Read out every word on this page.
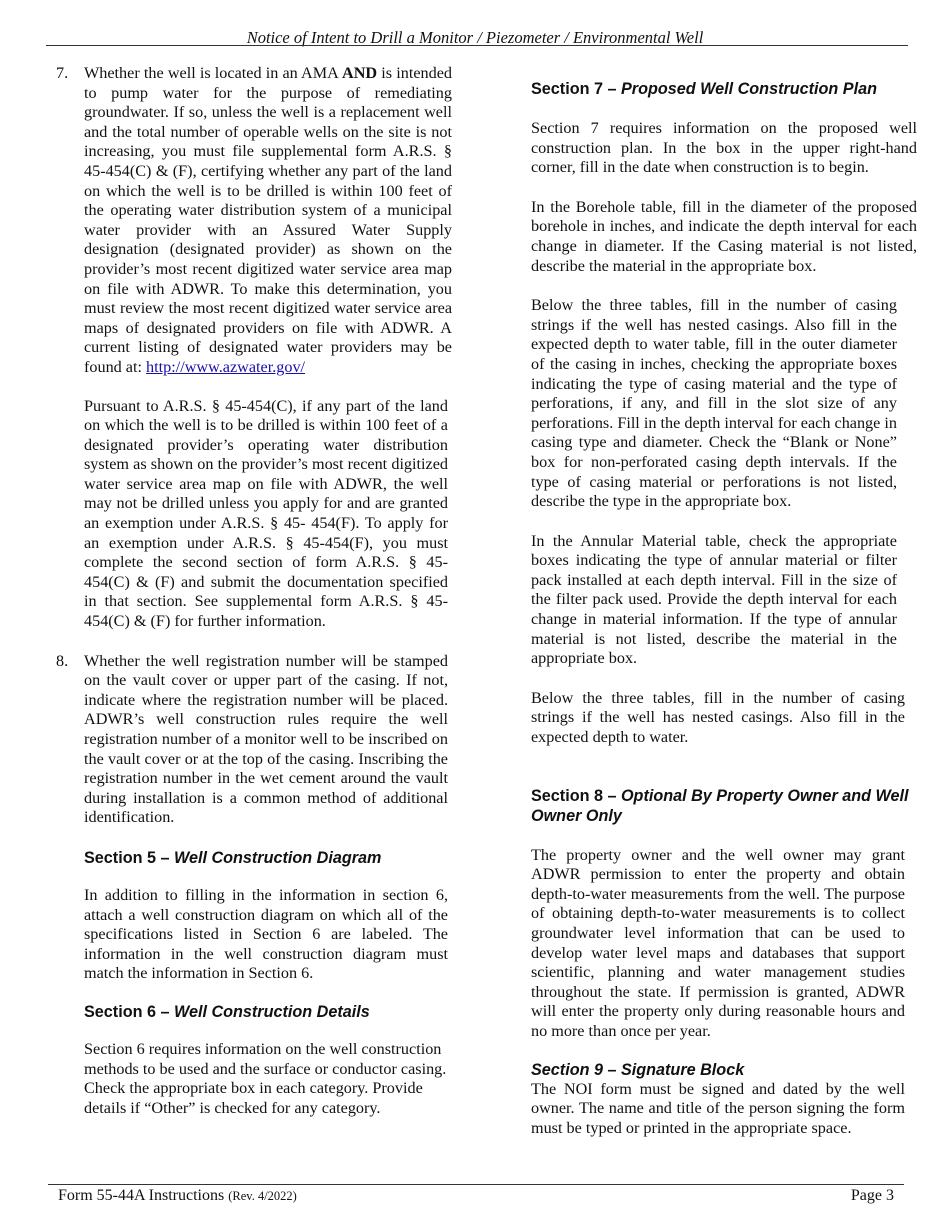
Notice of Intent to Drill a Monitor / Piezometer / Environmental Well
7. Whether the well is located in an AMA AND is intended to pump water for the purpose of remediating groundwater. If so, unless the well is a replacement well and the total number of operable wells on the site is not increasing, you must file supplemental form A.R.S. § 45-454(C) & (F), certifying whether any part of the land on which the well is to be drilled is within 100 feet of the operating water distribution system of a municipal water provider with an Assured Water Supply designation (designated provider) as shown on the provider’s most recent digitized water service area map on file with ADWR. To make this determination, you must review the most recent digitized water service area maps of designated providers on file with ADWR. A current listing of designated water providers may be found at: http://www.azwater.gov/

Pursuant to A.R.S. § 45-454(C), if any part of the land on which the well is to be drilled is within 100 feet of a designated provider’s operating water distribution system as shown on the provider’s most recent digitized water service area map on file with ADWR, the well may not be drilled unless you apply for and are granted an exemption under A.R.S. § 45- 454(F). To apply for an exemption under A.R.S. § 45-454(F), you must complete the second section of form A.R.S. § 45-454(C) & (F) and submit the documentation specified in that section. See supplemental form A.R.S. § 45-454(C) & (F) for further information.

8. Whether the well registration number will be stamped on the vault cover or upper part of the casing. If not, indicate where the registration number will be placed. ADWR’s well construction rules require the well registration number of a monitor well to be inscribed on the vault cover or at the top of the casing. Inscribing the registration number in the wet cement around the vault during installation is a common method of additional identification.

Section 5 – Well Construction Diagram

In addition to filling in the information in section 6, attach a well construction diagram on which all of the specifications listed in Section 6 are labeled. The information in the well construction diagram must match the information in Section 6.

Section 6 – Well Construction Details

Section 6 requires information on the well construction methods to be used and the surface or conductor casing. Check the appropriate box in each category. Provide details if “Other” is checked for any category.

Section 7 – Proposed Well Construction Plan

Section 7 requires information on the proposed well construction plan. In the box in the upper right-hand corner, fill in the date when construction is to begin.

In the Borehole table, fill in the diameter of the proposed borehole in inches, and indicate the depth interval for each change in diameter. If the Casing material is not listed, describe the material in the appropriate box.

Below the three tables, fill in the number of casing strings if the well has nested casings. Also fill in the expected depth to water table, fill in the outer diameter of the casing in inches, checking the appropriate boxes indicating the type of casing material and the type of perforations, if any, and fill in the slot size of any perforations. Fill in the depth interval for each change in casing type and diameter. Check the “Blank or None” box for non-perforated casing depth intervals. If the type of casing material or perforations is not listed, describe the type in the appropriate box.

In the Annular Material table, check the appropriate boxes indicating the type of annular material or filter pack installed at each depth interval. Fill in the size of the filter pack used. Provide the depth interval for each change in material information. If the type of annular material is not listed, describe the material in the appropriate box.

Below the three tables, fill in the number of casing strings if the well has nested casings. Also fill in the expected depth to water.

Section 8 – Optional By Property Owner and Well Owner Only

The property owner and the well owner may grant ADWR permission to enter the property and obtain depth-to-water measurements from the well. The purpose of obtaining depth-to-water measurements is to collect groundwater level information that can be used to develop water level maps and databases that support scientific, planning and water management studies throughout the state. If permission is granted, ADWR will enter the property only during reasonable hours and no more than once per year.

Section 9 – Signature Block

The NOI form must be signed and dated by the well owner. The name and title of the person signing the form must be typed or printed in the appropriate space.

Form 55-44A Instructions (Rev. 4/2022)	Page 3
